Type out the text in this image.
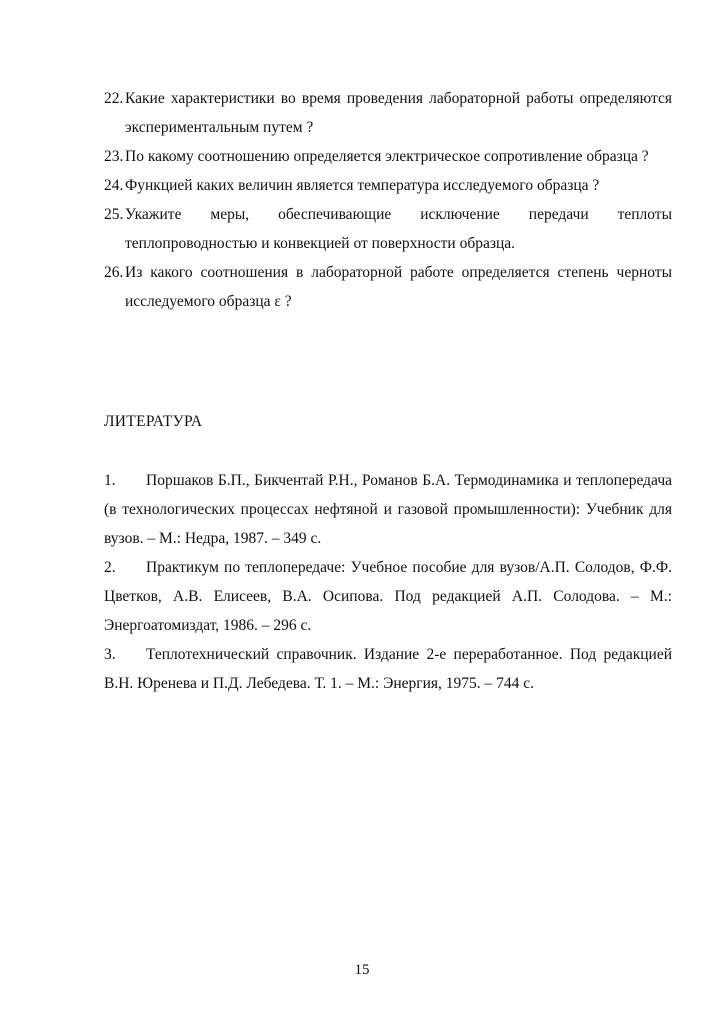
22. Какие характеристики во время проведения лабораторной работы определяются экспериментальным путем ?
23. По какому соотношению определяется электрическое сопротивление образца ?
24. Функцией каких величин является температура исследуемого образца ?
25. Укажите меры, обеспечивающие исключение передачи теплоты теплопроводностью и конвекцией от поверхности образца.
26. Из какого соотношения в лабораторной работе определяется степень черноты исследуемого образца ε ?
ЛИТЕРАТУРА
1. Поршаков Б.П., Бикчентай Р.Н., Романов Б.А. Термодинамика и теплопередача (в технологических процессах нефтяной и газовой промышленности): Учебник для вузов. – М.: Недра, 1987. – 349 с.
2. Практикум по теплопередаче: Учебное пособие для вузов/А.П. Солодов, Ф.Ф. Цветков, А.В. Елисеев, В.А. Осипова. Под редакцией А.П. Солодова. – М.: Энергоатомиздат, 1986. – 296 с.
3. Теплотехнический справочник. Издание 2-е переработанное. Под редакцией В.Н. Юренева и П.Д. Лебедева. Т. 1. – М.: Энергия, 1975. – 744 с.
15
